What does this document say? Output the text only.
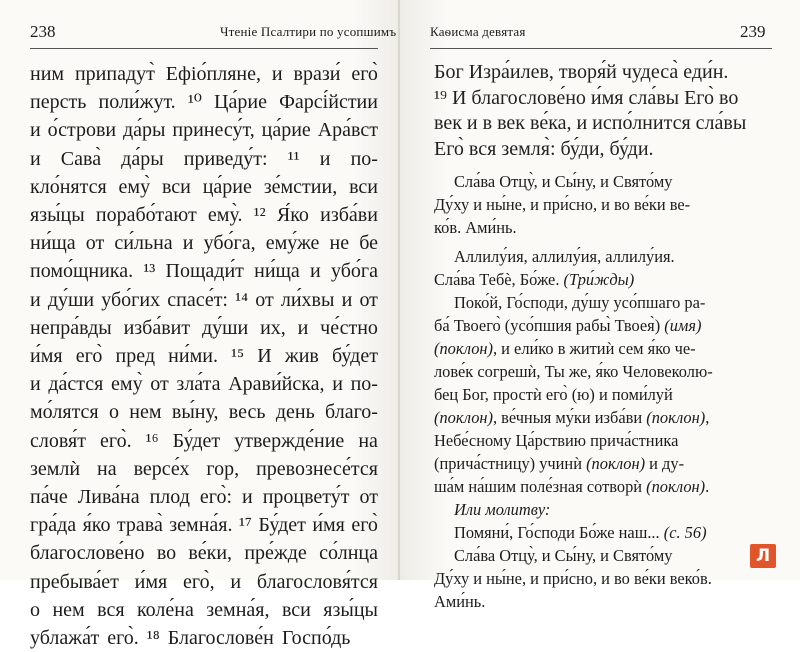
238	Чтеніе Псалтири по усопшимъ
ним припадут̀ Ефіо́пляне, и врази́ его̀
персть поли́жут. ¹⁰ Ца́рие Фарсі́йстии
и о́строви да́ры принесу́т, ца́рие Ара́вст
и Сава̀ да́ры приведу́т: ¹¹ и по-
кло́нятся ему̀ вси ца́рие зе́мстии, вси
язы́цы порабо́тают ему̀. ¹² Я́ко изба́ви
ни́ща от си́льна и убо́га, ему́же не бе
помо́щника. ¹³ Пощади́т ни́ща и убо́га
и ду́ши убо́гих спасе́т: ¹⁴ от ли́хвы и от
непра́вды изба́вит ду́ши их, и че́стно
и́мя его̀ пред ни́ми. ¹⁵ И жив бу́дет
и да́стся ему̀ от зла́та Арави́йска, и по-
мо́лятся о нем вы́ну, весь день благо-
словя́т его̀. ¹⁶ Бу́дет утвержде́ние на
землѝ на версе́х гор, превознесе́тся
па́че Лива́на плод его̀: и процвету́т от
гра́да я́ко трава̀ земна́я. ¹⁷ Бу́дет и́мя его̀
благослове́но во ве́ки, пре́жде со́лнца
пребыва́ет и́мя его̀, и благословя́тся
о нем вся коле́на земна́я, вси язы́цы
ублажа́т его̀. ¹⁸ Благослове́н Госпо́дь
Каѳисма девятая	239
Бог Изра́илев, творя́й чудеса̀ еди́н.
¹⁹ И благослове́но и́мя сла́вы Его̀ во
век и в век ве́ка, и испо́лнится сла́вы
Его̀ вся земля̀: бу́ди, бу́ди.
Сла́ва Отцу̀, и Сы́ну, и Свято́му
Ду́ху и ны́не, и при́сно, и во ве́ки ве-
ко́в. Ами́нь.
Аллилу́ия, аллилу́ия, аллилу́ия.
Сла́ва Тебѐ, Бо́же. (Три́жды)
Поко́й, Го́споди, ду́шу усо́пшаго ра-
ба́ Твоего̀ (усо́пшия рабы̀ Твоея̀) (имя)
(поклон), и ели́ко в житиѝ сем я́ко че-
лове́к согрешѝ, Ты же, я́ко Человеколю-
бец Бог, простѝ его̀ (ю) и поми́луй
(поклон), ве́чныя му́ки изба́ви (поклон),
Небе́сному Ца́рствию прича́стника
(прича́стницу) учинѝ (поклон) и ду-
ша́м на́шим поле́зная сотворѝ (поклон).
Или молитву:
Помяни́, Го́споди Бо́же наш... (с. 56)
Сла́ва Отцу̀, и Сы́ну, и Свято́му
Ду́ху и ны́не, и при́сно, и во ве́ки веко́в.
Ами́нь.
Л
